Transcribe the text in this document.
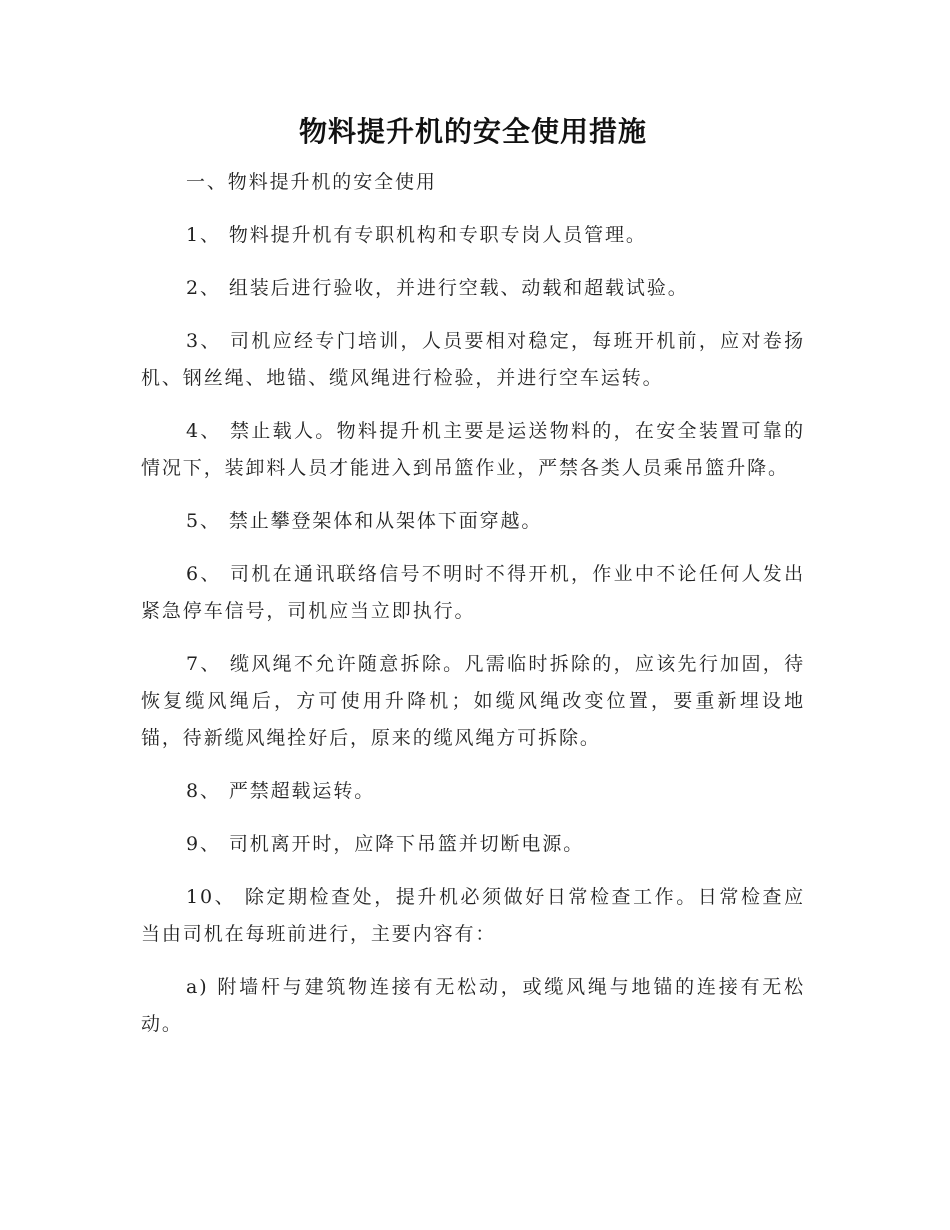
物料提升机的安全使用措施

一、物料提升机的安全使用

1、 物料提升机有专职机构和专职专岗人员管理。

2、 组装后进行验收，并进行空载、动载和超载试验。

3、 司机应经专门培训，人员要相对稳定，每班开机前，应对卷扬机、钢丝绳、地锚、缆风绳进行检验，并进行空车运转。

4、 禁止载人。物料提升机主要是运送物料的，在安全装置可靠的情况下，装卸料人员才能进入到吊篮作业，严禁各类人员乘吊篮升降。

5、 禁止攀登架体和从架体下面穿越。

6、 司机在通讯联络信号不明时不得开机，作业中不论任何人发出紧急停车信号，司机应当立即执行。

7、 缆风绳不允许随意拆除。凡需临时拆除的，应该先行加固，待恢复缆风绳后，方可使用升降机；如缆风绳改变位置，要重新埋设地锚，待新缆风绳拴好后，原来的缆风绳方可拆除。

8、 严禁超载运转。

9、 司机离开时，应降下吊篮并切断电源。

10、 除定期检查处，提升机必须做好日常检查工作。日常检查应当由司机在每班前进行，主要内容有：

a) 附墙杆与建筑物连接有无松动，或缆风绳与地锚的连接有无松动。
